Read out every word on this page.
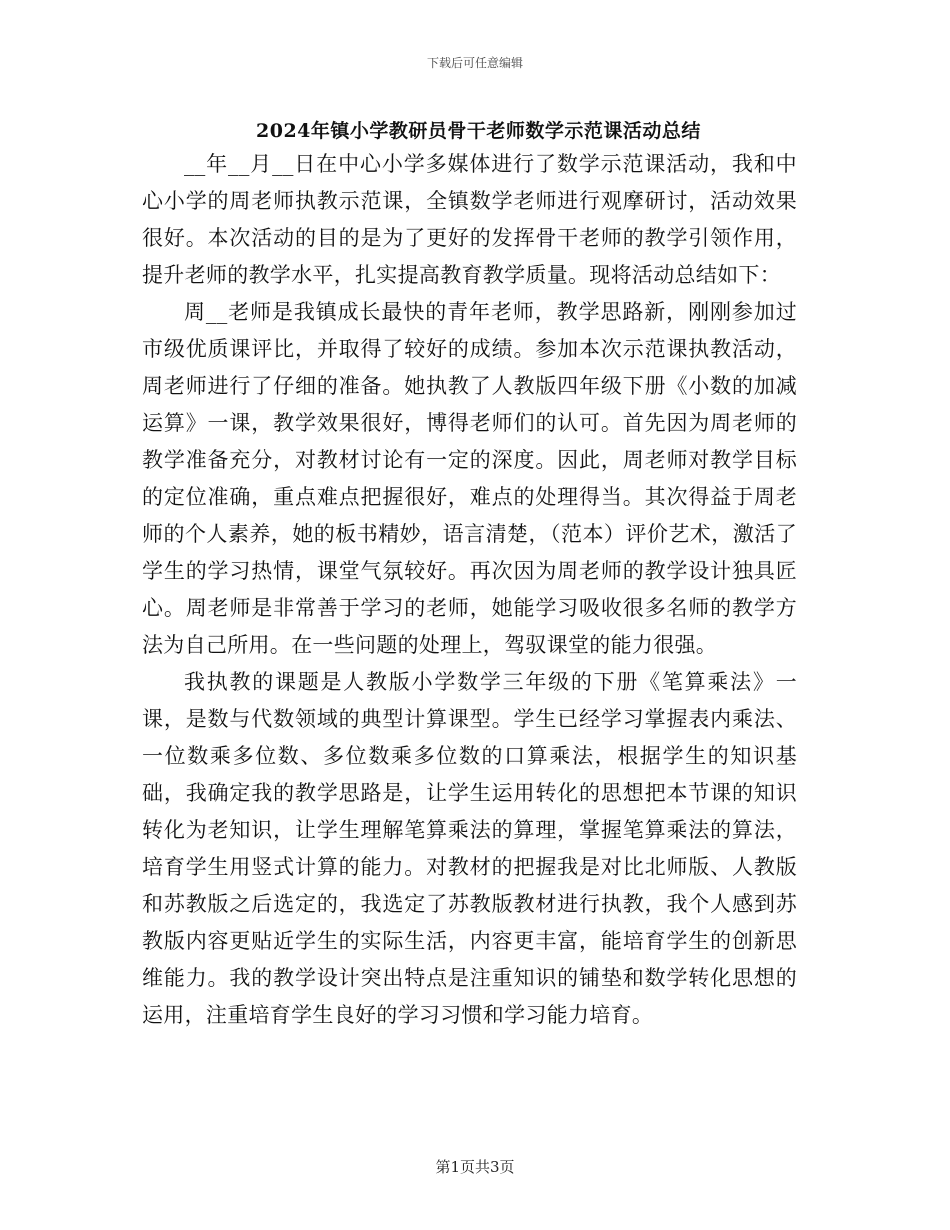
下载后可任意编辑
2024年镇小学教研员骨干老师数学示范课活动总结

__年__月__日在中心小学多媒体进行了数学示范课活动，我和中心小学的周老师执教示范课，全镇数学老师进行观摩研讨，活动效果很好。本次活动的目的是为了更好的发挥骨干老师的教学引领作用，提升老师的教学水平，扎实提高教育教学质量。现将活动总结如下：

周__老师是我镇成长最快的青年老师，教学思路新，刚刚参加过市级优质课评比，并取得了较好的成绩。参加本次示范课执教活动，周老师进行了仔细的准备。她执教了人教版四年级下册《小数的加减运算》一课，教学效果很好，博得老师们的认可。首先因为周老师的教学准备充分，对教材讨论有一定的深度。因此，周老师对教学目标的定位准确，重点难点把握很好，难点的处理得当。其次得益于周老师的个人素养，她的板书精妙，语言清楚，（范本）评价艺术，激活了学生的学习热情，课堂气氛较好。再次因为周老师的教学设计独具匠心。周老师是非常善于学习的老师，她能学习吸收很多名师的教学方法为自己所用。在一些问题的处理上，驾驭课堂的能力很强。

我执教的课题是人教版小学数学三年级的下册《笔算乘法》一课，是数与代数领域的典型计算课型。学生已经学习掌握表内乘法、一位数乘多位数、多位数乘多位数的口算乘法，根据学生的知识基础，我确定我的教学思路是，让学生运用转化的思想把本节课的知识转化为老知识，让学生理解笔算乘法的算理，掌握笔算乘法的算法，培育学生用竖式计算的能力。对教材的把握我是对比北师版、人教版和苏教版之后选定的，我选定了苏教版教材进行执教，我个人感到苏教版内容更贴近学生的实际生活，内容更丰富，能培育学生的创新思维能力。我的教学设计突出特点是注重知识的铺垫和数学转化思想的运用，注重培育学生良好的学习习惯和学习能力培育。

第1页共3页
